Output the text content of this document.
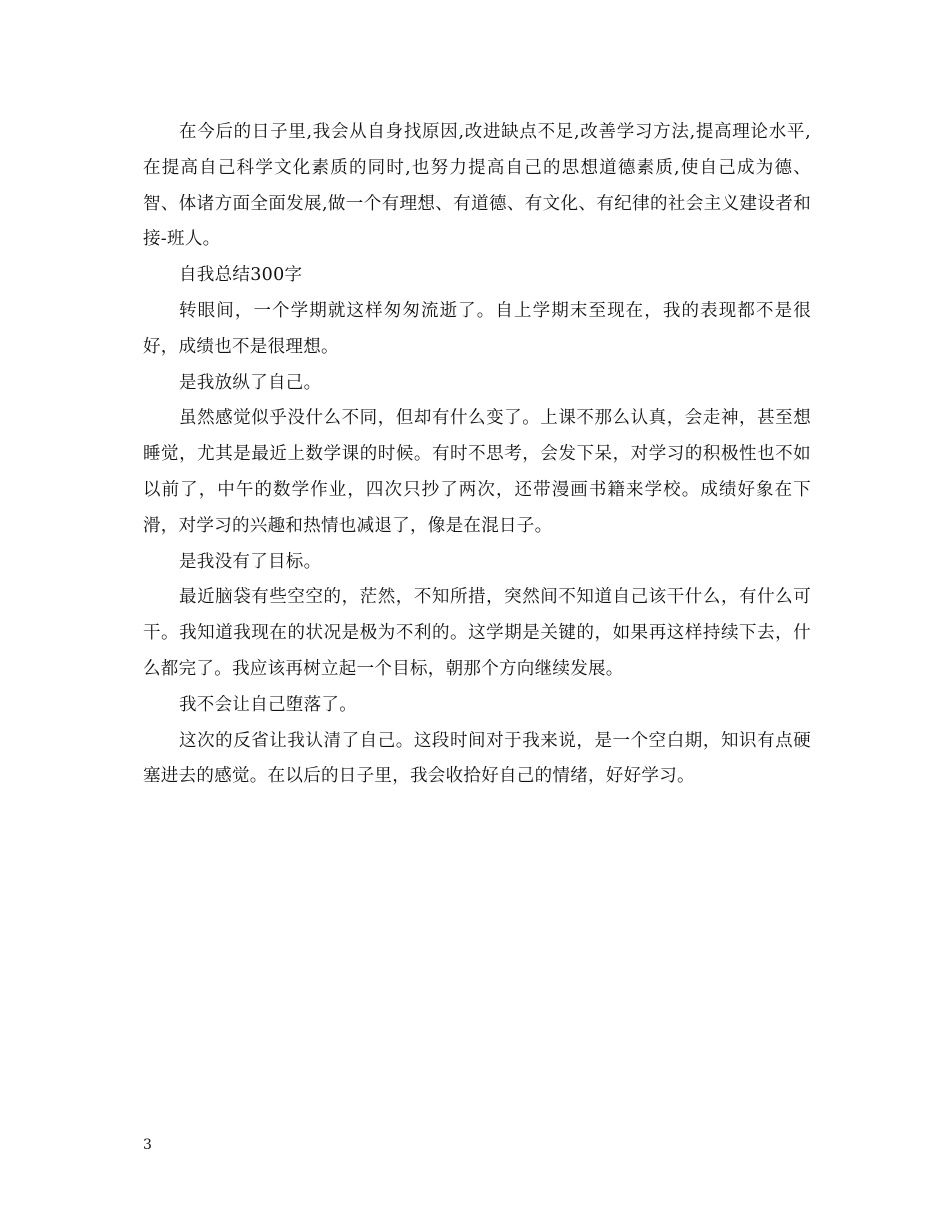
在今后的日子里,我会从自身找原因,改进缺点不足,改善学习方法,提高理论水平,在提高自己科学文化素质的同时,也努力提高自己的思想道德素质,使自己成为德、智、体诸方面全面发展,做一个有理想、有道德、有文化、有纪律的社会主义建设者和接-班人。

自我总结300字

转眼间，一个学期就这样匆匆流逝了。自上学期末至现在，我的表现都不是很好，成绩也不是很理想。

是我放纵了自己。

虽然感觉似乎没什么不同，但却有什么变了。上课不那么认真，会走神，甚至想睡觉，尤其是最近上数学课的时候。有时不思考，会发下呆，对学习的积极性也不如以前了，中午的数学作业，四次只抄了两次，还带漫画书籍来学校。成绩好象在下滑，对学习的兴趣和热情也减退了，像是在混日子。

是我没有了目标。

最近脑袋有些空空的，茫然，不知所措，突然间不知道自己该干什么，有什么可干。我知道我现在的状况是极为不利的。这学期是关键的，如果再这样持续下去，什么都完了。我应该再树立起一个目标，朝那个方向继续发展。

我不会让自己堕落了。

这次的反省让我认清了自己。这段时间对于我来说，是一个空白期，知识有点硬塞进去的感觉。在以后的日子里，我会收拾好自己的情绪，好好学习。

3
